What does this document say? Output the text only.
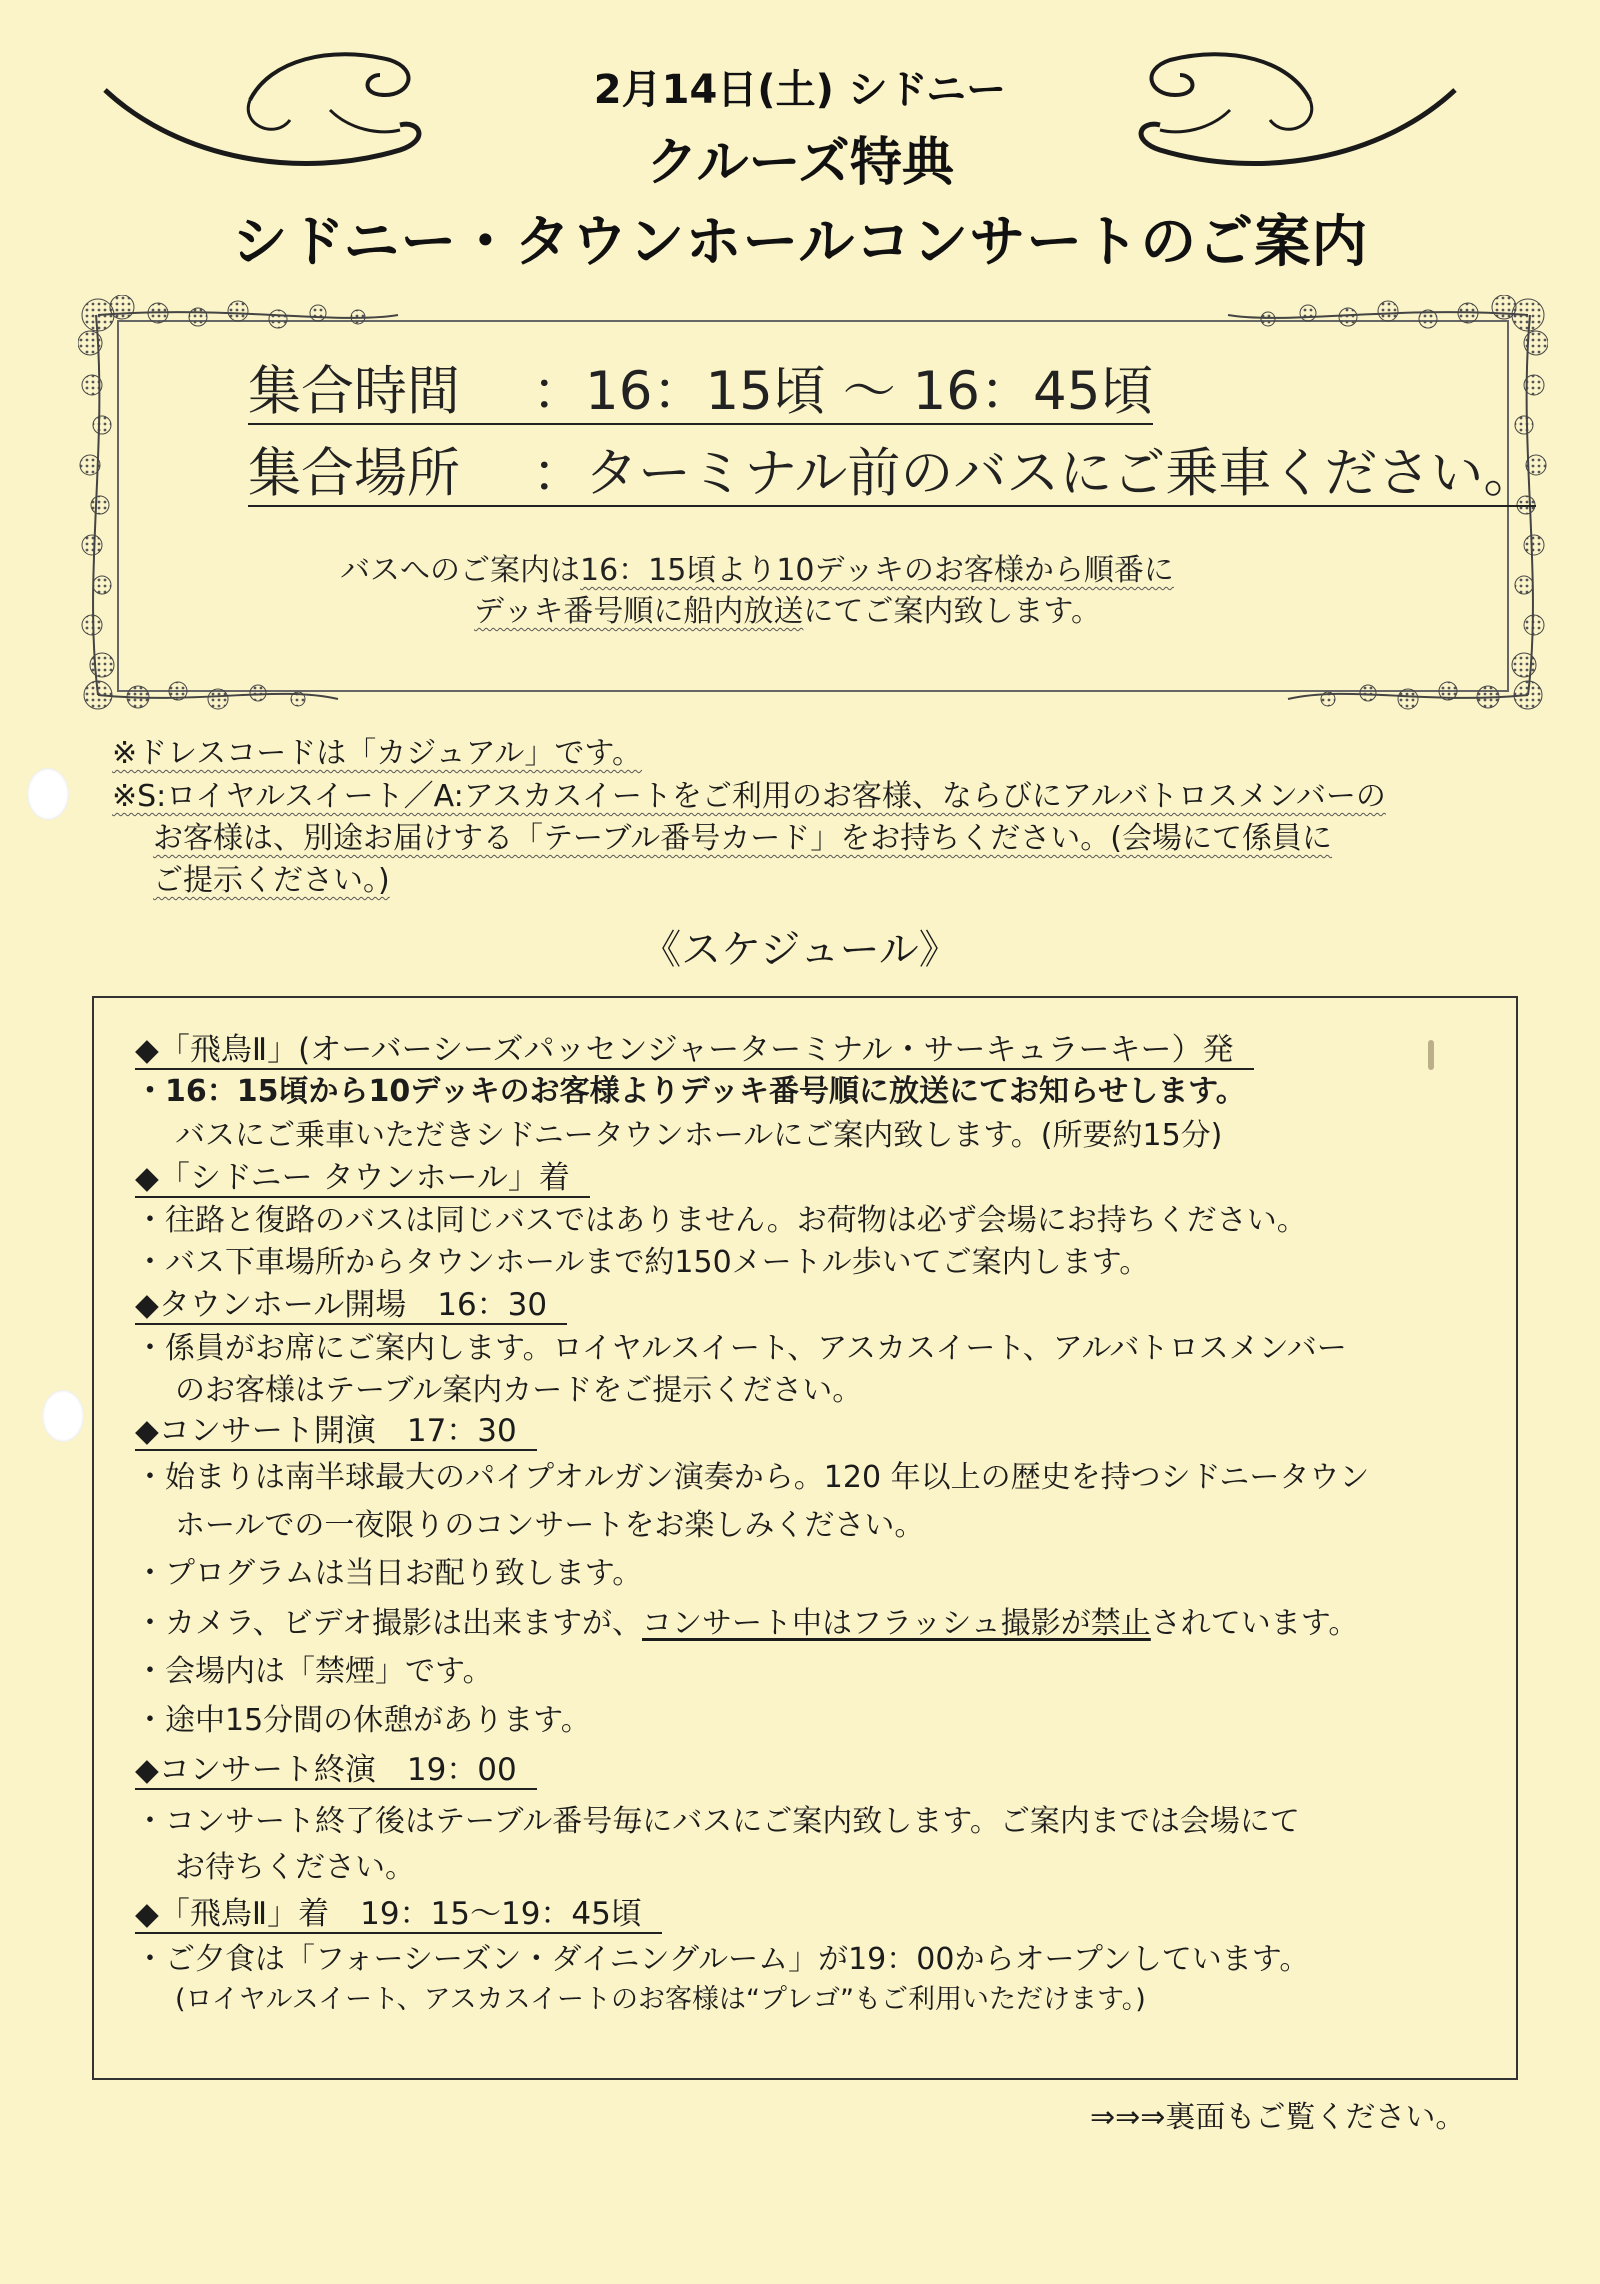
2月14日(土) シドニー
クルーズ特典
シドニー・タウンホールコンサートのご案内
集合時間 ：16：15頃 ～ 16：45頃
集合場所 ：ターミナル前のバスにご乗車ください。
バスへのご案内は16：15頃より10デッキのお客様から順番に
デッキ番号順に船内放送にてご案内致します。
※ドレスコードは「カジュアル」です。
※S:ロイヤルスイート／A:アスカスイートをご利用のお客様、ならびにアルバトロスメンバーの
お客様は、別途お届けする「テーブル番号カード」をお持ちください。(会場にて係員に
ご提示ください。)
《スケジュール》
◆「飛鳥Ⅱ」(オーバーシーズパッセンジャーターミナル・サーキュラーキー）発
・16：15頃から10デッキのお客様よりデッキ番号順に放送にてお知らせします。
バスにご乗車いただきシドニータウンホールにご案内致します。(所要約15分)
◆「シドニー タウンホール」着
・往路と復路のバスは同じバスではありません。お荷物は必ず会場にお持ちください。
・バス下車場所からタウンホールまで約150メートル歩いてご案内します。
◆タウンホール開場　16：30
・係員がお席にご案内します。ロイヤルスイート、アスカスイート、アルバトロスメンバー
のお客様はテーブル案内カードをご提示ください。
◆コンサート開演　17：30
・始まりは南半球最大のパイプオルガン演奏から。120 年以上の歴史を持つシドニータウン
ホールでの一夜限りのコンサートをお楽しみください。
・プログラムは当日お配り致します。
・カメラ、ビデオ撮影は出来ますが、コンサート中はフラッシュ撮影が禁止されています。
・会場内は「禁煙」です。
・途中15分間の休憩があります。
◆コンサート終演　19：00
・コンサート終了後はテーブル番号毎にバスにご案内致します。ご案内までは会場にて
お待ちください。
◆「飛鳥Ⅱ」着　19：15～19：45頃
・ご夕食は「フォーシーズン・ダイニングルーム」が19：00からオープンしています。
(ロイヤルスイート、アスカスイートのお客様は“プレゴ”もご利用いただけます。)
⇒⇒⇒裏面もご覧ください。
